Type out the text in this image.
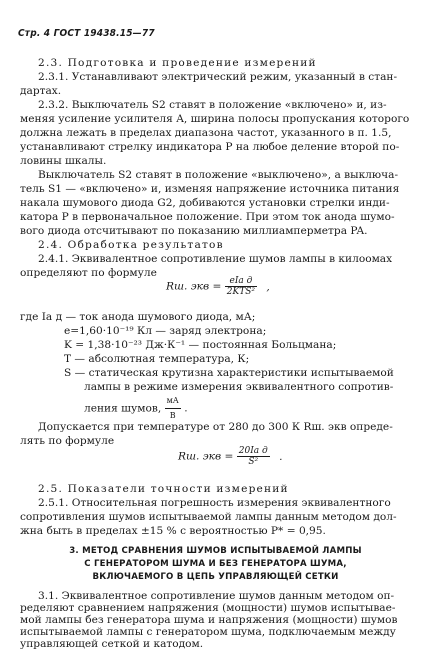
Стр. 4 ГОСТ 19438.15—77
2.3. Подготовка и проведение измерений
2.3.1. Устанавливают электрический режим, указанный в стан-
дартах.
2.3.2. Выключатель S2 ставят в положение «включено» и, из-
меняя усиление усилителя A, ширина полосы пропускания которого
должна лежать в пределах диапазона частот, указанного в п. 1.5,
устанавливают стрелку индикатора P на любое деление второй по-
ловины шкалы.
Выключатель S2 ставят в положение «выключено», а выключа-
тель S1 — «включено» и, изменяя напряжение источника питания
накала шумового диода G2, добиваются установки стрелки инди-
катора P в первоначальное положение. При этом ток анода шумо-
вого диода отсчитывают по показанию миллиамперметра PA.
2.4. Обработка результатов
2.4.1. Эквивалентное сопротивление шумов лампы в килоомах
определяют по формуле
Rш. экв = $\frac{\text{eIа д}}{\text{2KTS²}}$ ,
где Iа д — ток анода шумового диода, мА;
e=1,60·10⁻¹⁹ Кл — заряд электрона;
K = 1,38·10⁻²³ Дж·К⁻¹ — постоянная Больцмана;
T — абсолютная температура, К;
S — статическая крутизна характеристики испытываемой
лампы в режиме измерения эквивалентного сопротив-
ления шумов, $\frac{мА}{В}$ .
Допускается при температуре от 280 до 300 К Rш. экв опреде-
лять по формуле
Rш. экв = $\frac{\text{20Iа д}}{\text{S²}}$ .
2.5. Показатели точности измерений
2.5.1. Относительная погрешность измерения эквивалентного
сопротивления шумов испытываемой лампы данным методом дол-
жна быть в пределах ±15 % с вероятностью P* = 0,95.
3. МЕТОД СРАВНЕНИЯ ШУМОВ ИСПЫТЫВАЕМОЙ ЛАМПЫ
С ГЕНЕРАТОРОМ ШУМА И БЕЗ ГЕНЕРАТОРА ШУМА,
ВКЛЮЧАЕМОГО В ЦЕПЬ УПРАВЛЯЮЩЕЙ СЕТКИ
3.1. Эквивалентное сопротивление шумов данным методом оп-
ределяют сравнением напряжения (мощности) шумов испытывае-
мой лампы без генератора шума и напряжения (мощности) шумов
испытываемой лампы с генератором шума, подключаемым между
управляющей сеткой и катодом.
